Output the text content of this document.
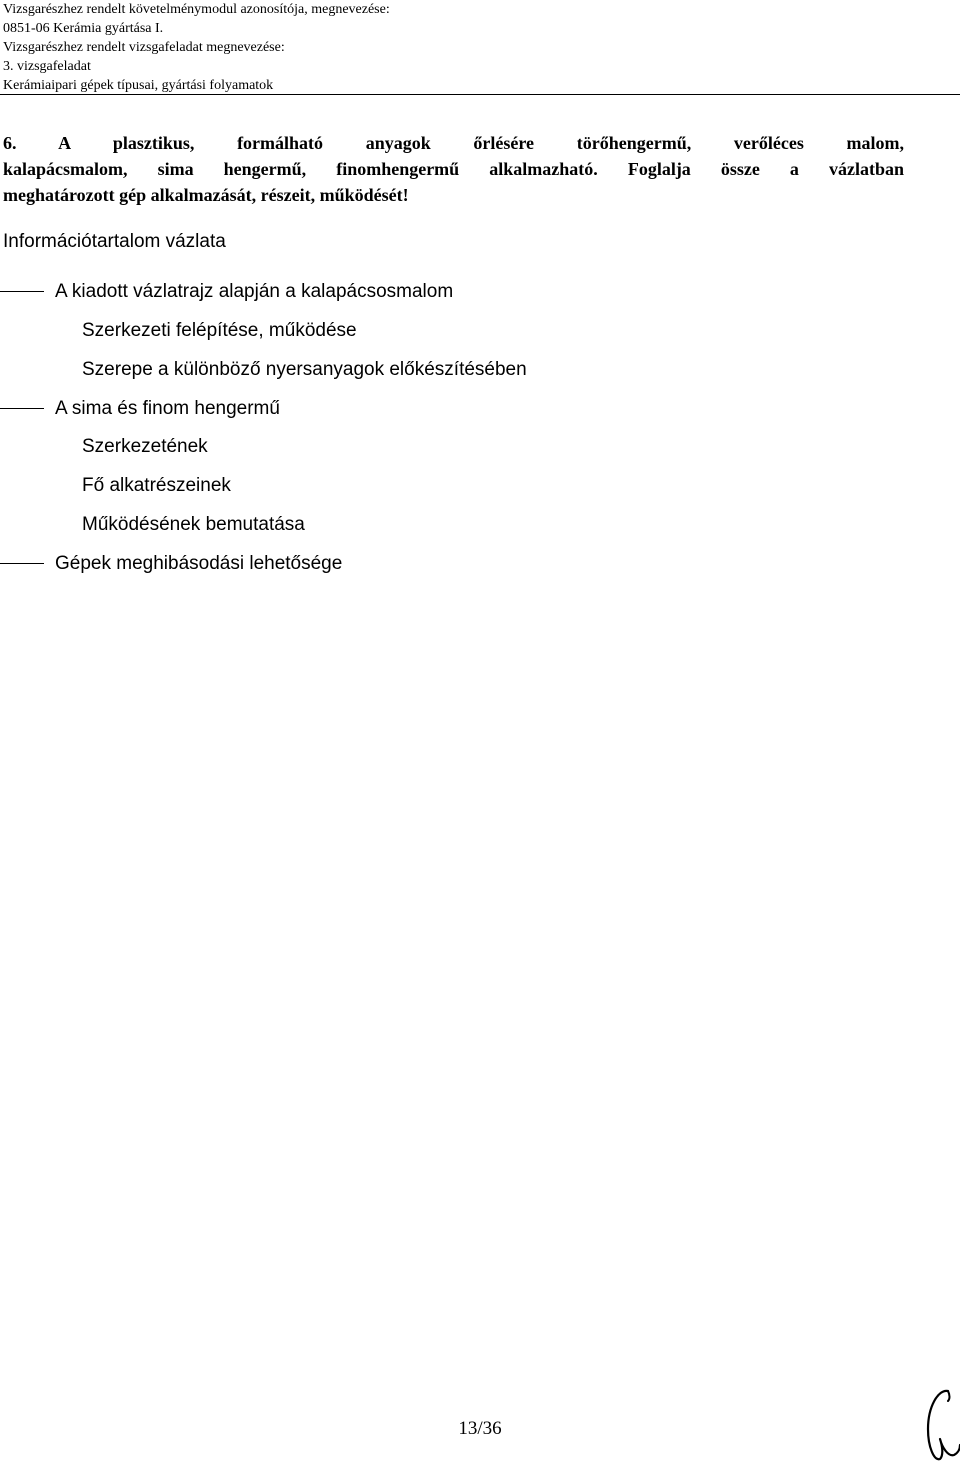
Vizsgarészhez rendelt követelménymodul azonosítója, megnevezése:
0851-06 Kerámia gyártása I.
Vizsgarészhez rendelt vizsgafeladat megnevezése:
3. vizsgafeladat
Kerámiaipari gépek típusai, gyártási folyamatok
6. A plasztikus, formálható anyagok őrlésére törőhengermű, verőléces malom,
kalapácsmalom, sima hengermű, finomhengermű alkalmazható. Foglalja össze a vázlatban
meghatározott gép alkalmazását, részeit, működését!
Információtartalom vázlata
A kiadott vázlatrajz alapján a kalapácsosmalom
Szerkezeti felépítése, működése
Szerepe a különböző nyersanyagok előkészítésében
A sima és finom hengermű
Szerkezetének
Fő alkatrészeinek
Működésének bemutatása
Gépek meghibásodási lehetősége
13/36
